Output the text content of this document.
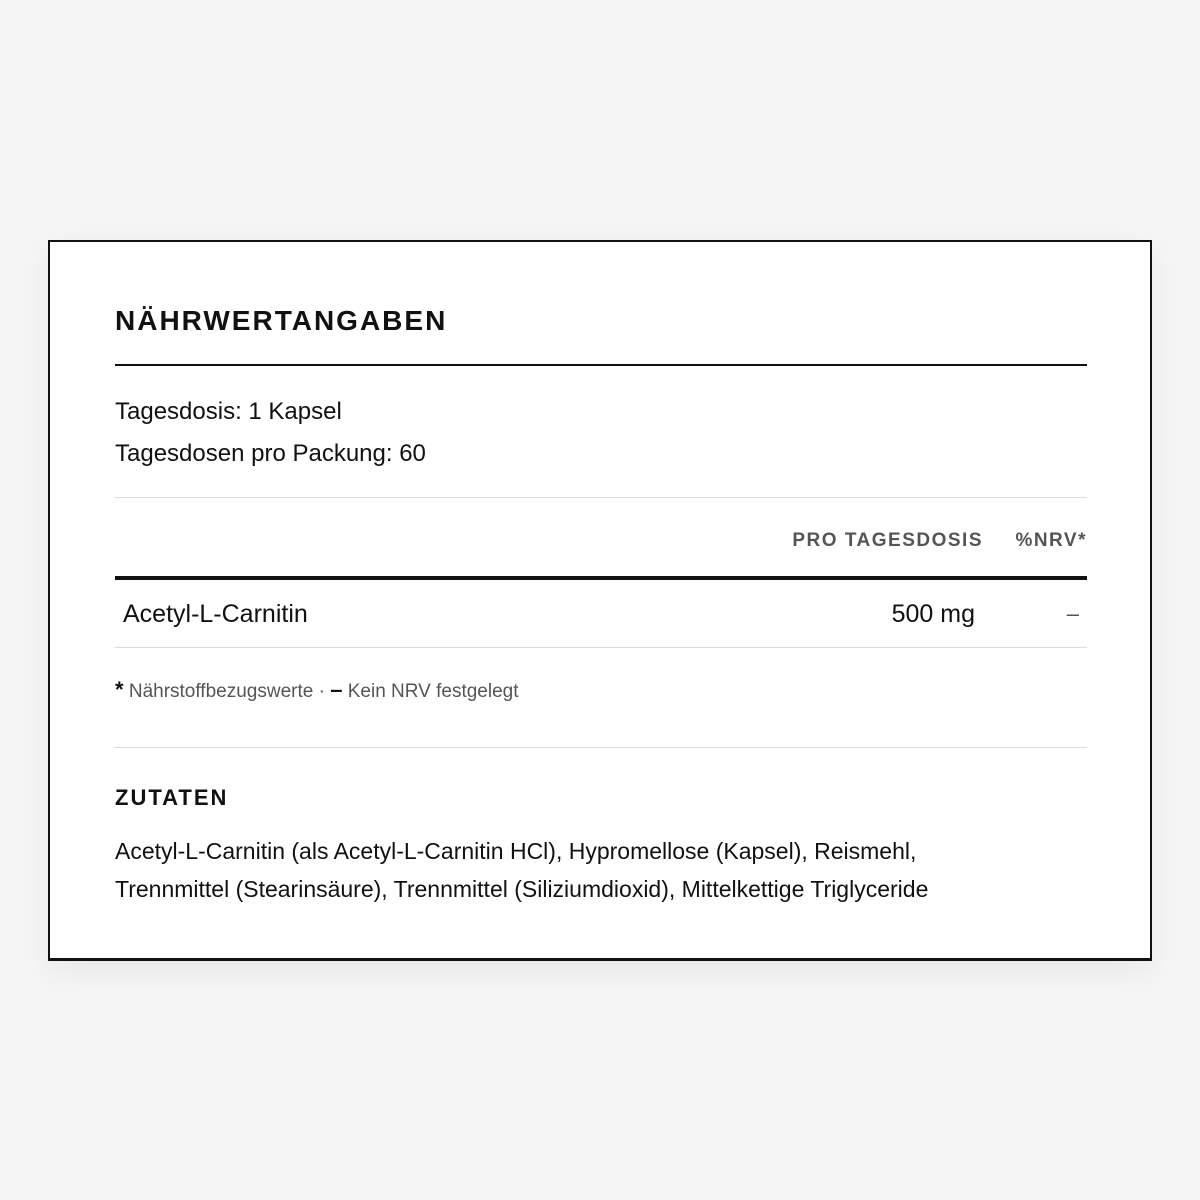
NÄHRWERTANGABEN
Tagesdosis: 1 Kapsel
Tagesdosen pro Packung: 60
PRO TAGESDOSIS %NRV*
Acetyl-L-Carnitin	500 mg	–
* Nährstoffbezugswerte · – Kein NRV festgelegt
ZUTATEN
Acetyl-L-Carnitin (als Acetyl-L-Carnitin HCl), Hypromellose (Kapsel), Reismehl,
Trennmittel (Stearinsäure), Trennmittel (Siliziumdioxid), Mittelkettige Triglyceride
